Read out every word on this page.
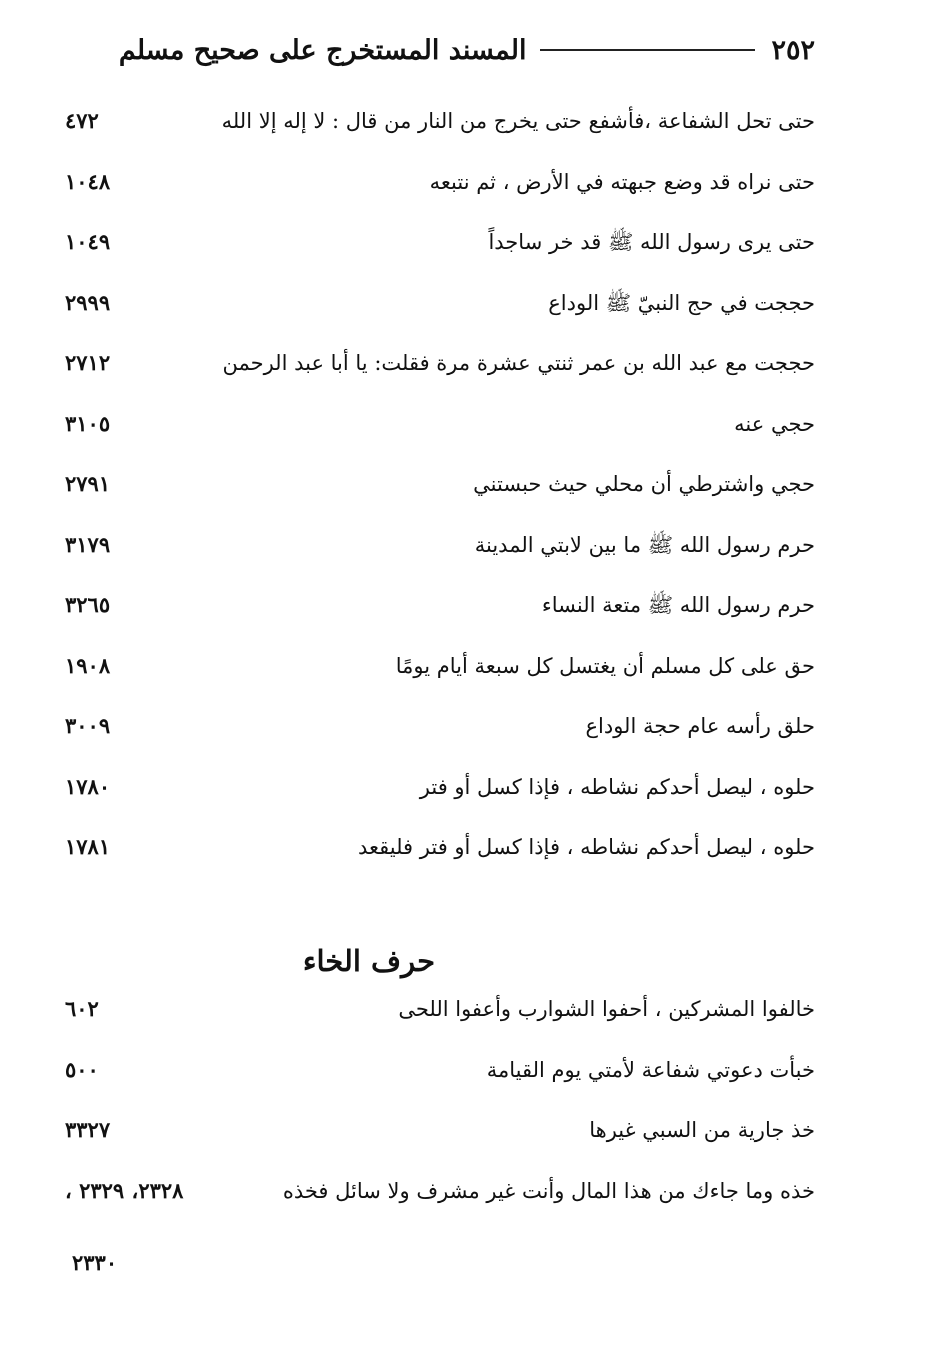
٢٥٢
المسند المستخرج على صحيح مسلم
حتى تحل الشفاعة ،فأشفع حتى يخرج من النار من قال : لا إله إلا الله
٤٧٢
حتى نراه قد وضع جبهته في الأرض ، ثم نتبعه
١٠٤٨
حتى يرى رسول الله ﷺ قد خر ساجداً
١٠٤٩
حججت في حج النبيّ ﷺ الوداع
٢٩٩٩
حججت مع عبد الله بن عمر ثنتي عشرة مرة فقلت: يا أبا عبد الرحمن
٢٧١٢
حجي عنه
٣١٠٥
حجي واشترطي أن محلي حيث حبستني
٢٧٩١
حرم رسول الله ﷺ ما بين لابتي المدينة
٣١٧٩
حرم رسول الله ﷺ متعة النساء
٣٢٦٥
حق على كل مسلم أن يغتسل كل سبعة أيام يومًا
١٩٠٨
حلق رأسه عام حجة الوداع
٣٠٠٩
حلوه ، ليصل أحدكم نشاطه ، فإذا كسل أو فتر
١٧٨٠
حلوه ، ليصل أحدكم نشاطه ، فإذا كسل أو فتر فليقعد
١٧٨١
حرف الخاء
خالفوا المشركين ، أحفوا الشوارب وأعفوا اللحى
٦٠٢
خبأت دعوتي شفاعة لأمتي يوم القيامة
٥٠٠
خذ جارية من السبي غيرها
٣٣٢٧
خذه وما جاءك من هذا المال وأنت غير مشرف ولا سائل فخذه
٢٣٢٨، ٢٣٢٩ ،
٢٣٣٠
